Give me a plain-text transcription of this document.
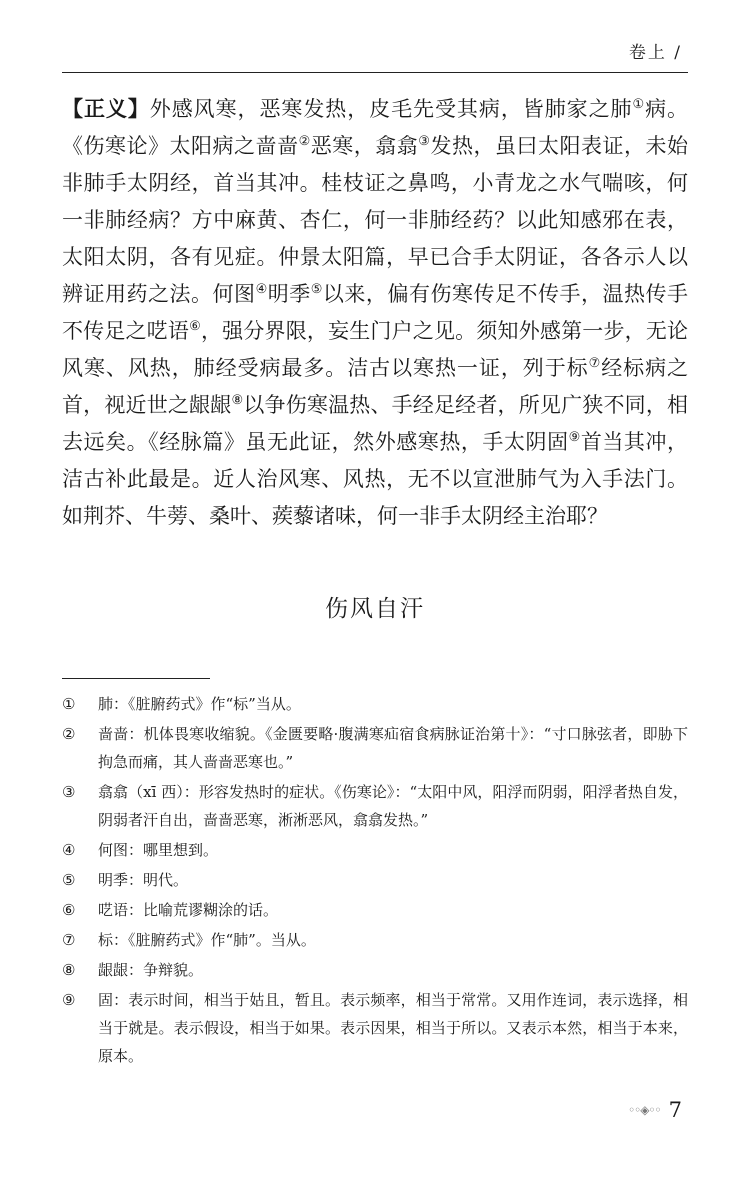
卷上 /

【正义】外感风寒，恶寒发热，皮毛先受其病，皆肺家之肺①病。《伤寒论》太阳病之啬啬②恶寒，翕翕③发热，虽曰太阳表证，未始非肺手太阴经，首当其冲。桂枝证之鼻鸣，小青龙之水气喘咳，何一非肺经病？方中麻黄、杏仁，何一非肺经药？以此知感邪在表，太阳太阴，各有见症。仲景太阳篇，早已合手太阴证，各各示人以辨证用药之法。何图④明季⑤以来，偏有伤寒传足不传手，温热传手不传足之呓语⑥，强分界限，妄生门户之见。须知外感第一步，无论风寒、风热，肺经受病最多。洁古以寒热一证，列于标⑦经标病之首，视近世之龈龈⑧以争伤寒温热、手经足经者，所见广狭不同，相去远矣。《经脉篇》虽无此证，然外感寒热，手太阴固⑨首当其冲，洁古补此最是。近人治风寒、风热，无不以宣泄肺气为入手法门。如荆芥、牛蒡、桑叶、蒺藜诸味，何一非手太阴经主治耶？

伤风自汗
①	肺：《脏腑药式》作“标”当从。
②	啬啬：机体畏寒收缩貌。《金匮要略·腹满寒疝宿食病脉证治第十》：“寸口脉弦者，即胁下拘急而痛，其人啬啬恶寒也。”
③	翕翕（xī 西）：形容发热时的症状。《伤寒论》：“太阳中风，阳浮而阴弱，阳浮者热自发，阴弱者汗自出，啬啬恶寒，淅淅恶风，翕翕发热。”
④	何图：哪里想到。
⑤	明季：明代。
⑥	呓语：比喻荒谬糊涂的话。
⑦	标：《脏腑药式》作“肺”。当从。
⑧	龈龈：争辩貌。
⑨	固：表示时间，相当于姑且，暂且。表示频率，相当于常常。又用作连词，表示选择，相当于就是。表示假设，相当于如果。表示因果，相当于所以。又表示本然，相当于本来，原本。
◦◦◈◦◦ 7
